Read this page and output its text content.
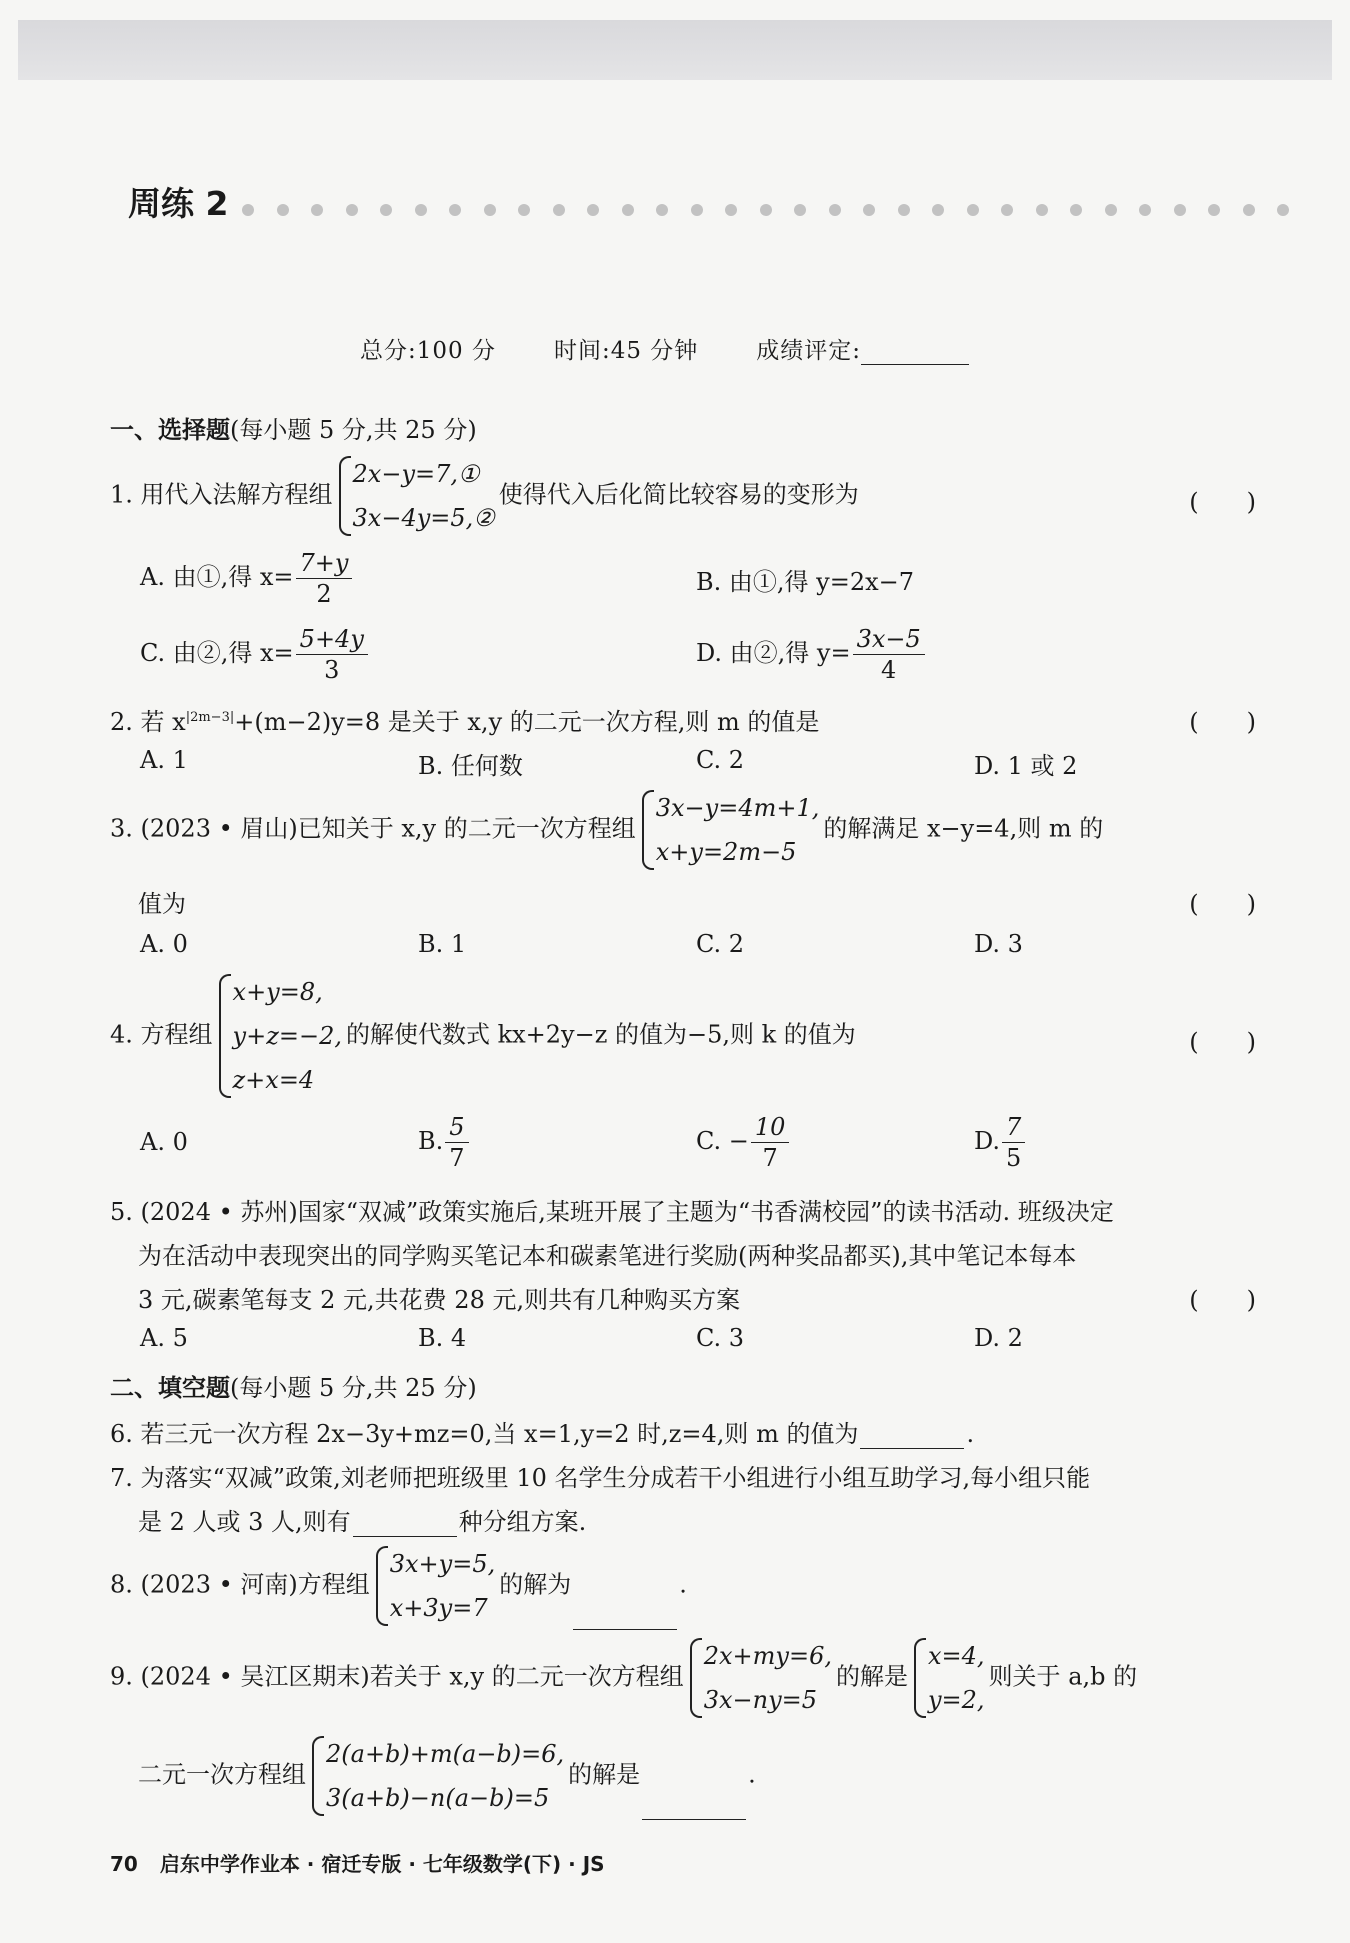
周练 2
总分:100 分	时间:45 分钟	成绩评定:
一、选择题(每小题 5 分,共 25 分)
1. 用代入法解方程组
2x−y=7,①
3x−4y=5,②
使得代入后化简比较容易的变形为	(　　)
A. 由①,得 $x= \frac{7+y}{2}$	B. 由①,得 y=2x−7
C. 由②,得 $x= \frac{5+4y}{3}$	D. 由②,得 $y= \frac{3x-5}{4}$
2. 若 $x^{|2m-3|}+(m-2)y=8$ 是关于 x,y 的二元一次方程,则 m 的值是	(　　)
A. 1	B. 任何数	C. 2	D. 1 或 2
3. (2023 • 眉山)已知关于 x,y 的二元一次方程组
3x−y=4m+1,
x+y=2m−5
的解满足 x−y=4,则 m 的
值为	(　　)
A. 0	B. 1	C. 2	D. 3
4. 方程组
x+y=8,
y+z=−2,
z+x=4
的解使代数式 kx+2y−z 的值为−5,则 k 的值为	(　　)
A. 0	B. $\frac{5}{7}$	C. − $\frac{10}{7}$	D. $\frac{7}{5}$
5. (2024 • 苏州)国家“双减”政策实施后,某班开展了主题为“书香满校园”的读书活动. 班级决定
为在活动中表现突出的同学购买笔记本和碳素笔进行奖励(两种奖品都买),其中笔记本每本
3 元,碳素笔每支 2 元,共花费 28 元,则共有几种购买方案	(　　)
A. 5	B. 4	C. 3	D. 2
二、填空题(每小题 5 分,共 25 分)
6. 若三元一次方程 2x−3y+mz=0,当 x=1,y=2 时,z=4,则 m 的值为	.
7. 为落实“双减”政策,刘老师把班级里 10 名学生分成若干小组进行小组互助学习,每小组只能
是 2 人或 3 人,则有	种分组方案.
8. (2023 • 河南)方程组
3x+y=5,
x+3y=7
的解为	.
9. (2024 • 吴江区期末)若关于 x,y 的二元一次方程组
2x+my=6,
3x−ny=5
的解是
x=4,
y=2,
则关于 a,b 的
二元一次方程组
2(a+b)+m(a−b)=6,
3(a+b)−n(a−b)=5
的解是	.
70 启东中学作业本 · 宿迁专版 · 七年级数学(下) · JS
